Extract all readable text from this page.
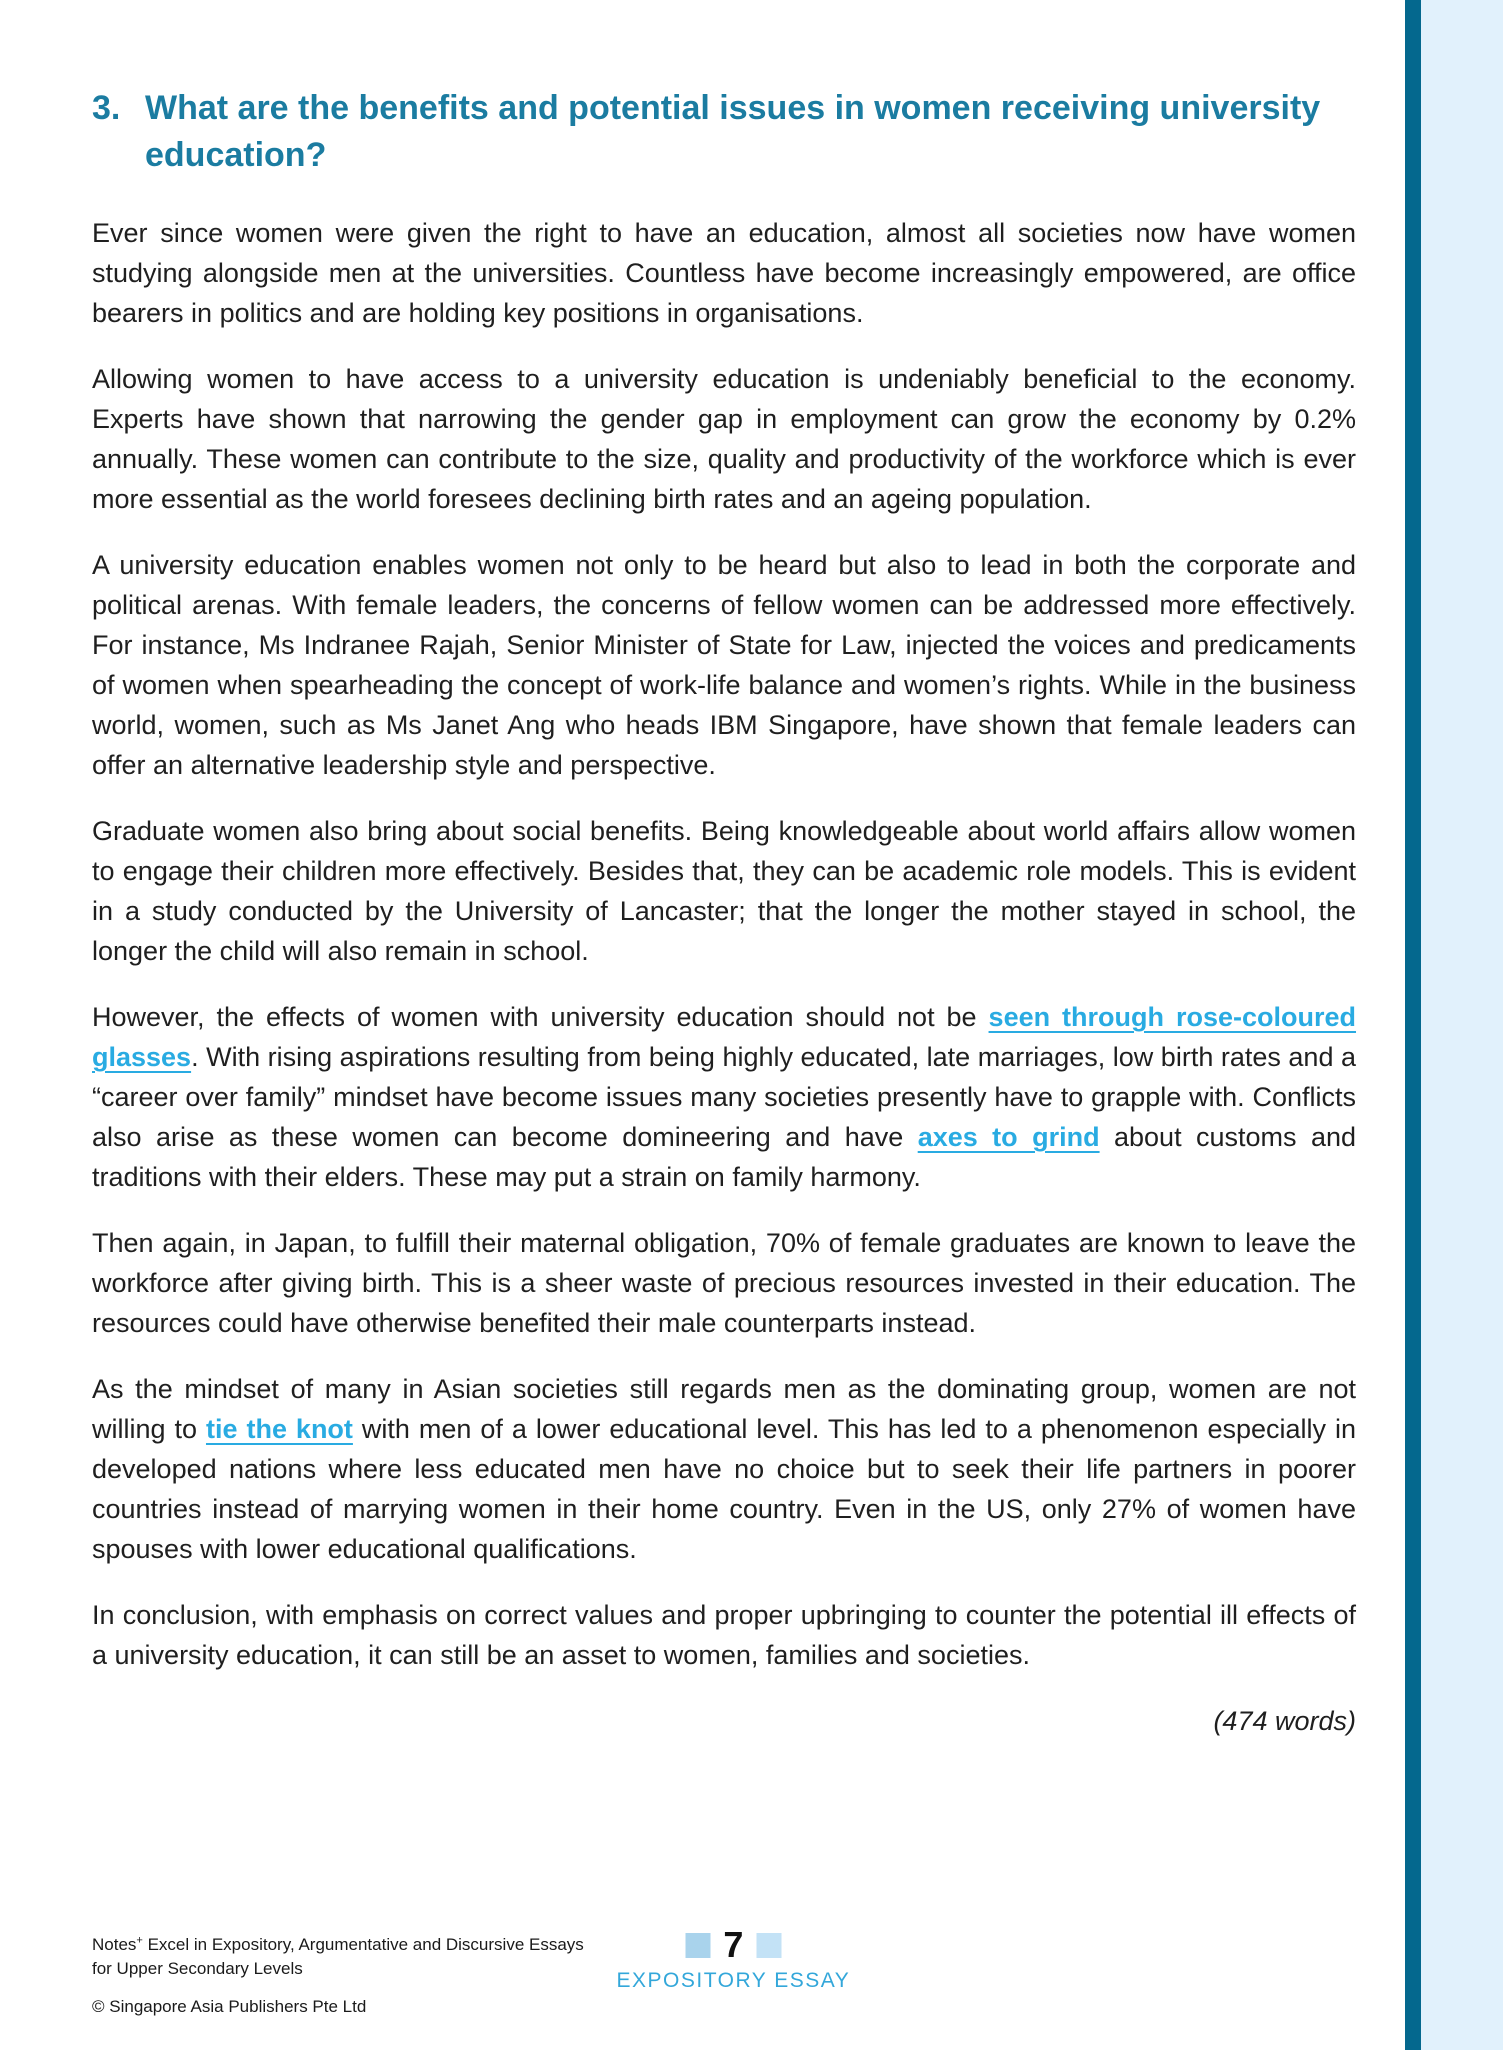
3. What are the benefits and potential issues in women receiving university education?

Ever since women were given the right to have an education, almost all societies now have women studying alongside men at the universities. Countless have become increasingly empowered, are office bearers in politics and are holding key positions in organisations.

Allowing women to have access to a university education is undeniably beneficial to the economy. Experts have shown that narrowing the gender gap in employment can grow the economy by 0.2% annually. These women can contribute to the size, quality and productivity of the workforce which is ever more essential as the world foresees declining birth rates and an ageing population.

A university education enables women not only to be heard but also to lead in both the corporate and political arenas. With female leaders, the concerns of fellow women can be addressed more effectively. For instance, Ms Indranee Rajah, Senior Minister of State for Law, injected the voices and predicaments of women when spearheading the concept of work-life balance and women’s rights. While in the business world, women, such as Ms Janet Ang who heads IBM Singapore, have shown that female leaders can offer an alternative leadership style and perspective.

Graduate women also bring about social benefits. Being knowledgeable about world affairs allow women to engage their children more effectively. Besides that, they can be academic role models. This is evident in a study conducted by the University of Lancaster; that the longer the mother stayed in school, the longer the child will also remain in school.

However, the effects of women with university education should not be seen through rose-coloured glasses. With rising aspirations resulting from being highly educated, late marriages, low birth rates and a “career over family” mindset have become issues many societies presently have to grapple with. Conflicts also arise as these women can become domineering and have axes to grind about customs and traditions with their elders. These may put a strain on family harmony.

Then again, in Japan, to fulfill their maternal obligation, 70% of female graduates are known to leave the workforce after giving birth. This is a sheer waste of precious resources invested in their education. The resources could have otherwise benefited their male counterparts instead.

As the mindset of many in Asian societies still regards men as the dominating group, women are not willing to tie the knot with men of a lower educational level. This has led to a phenomenon especially in developed nations where less educated men have no choice but to seek their life partners in poorer countries instead of marrying women in their home country. Even in the US, only 27% of women have spouses with lower educational qualifications.

In conclusion, with emphasis on correct values and proper upbringing to counter the potential ill effects of a university education, it can still be an asset to women, families and societies.

(474 words)
Notes+ Excel in Expository, Argumentative and Discursive Essays for Upper Secondary Levels
© Singapore Asia Publishers Pte Ltd
7
EXPOSITORY ESSAY
